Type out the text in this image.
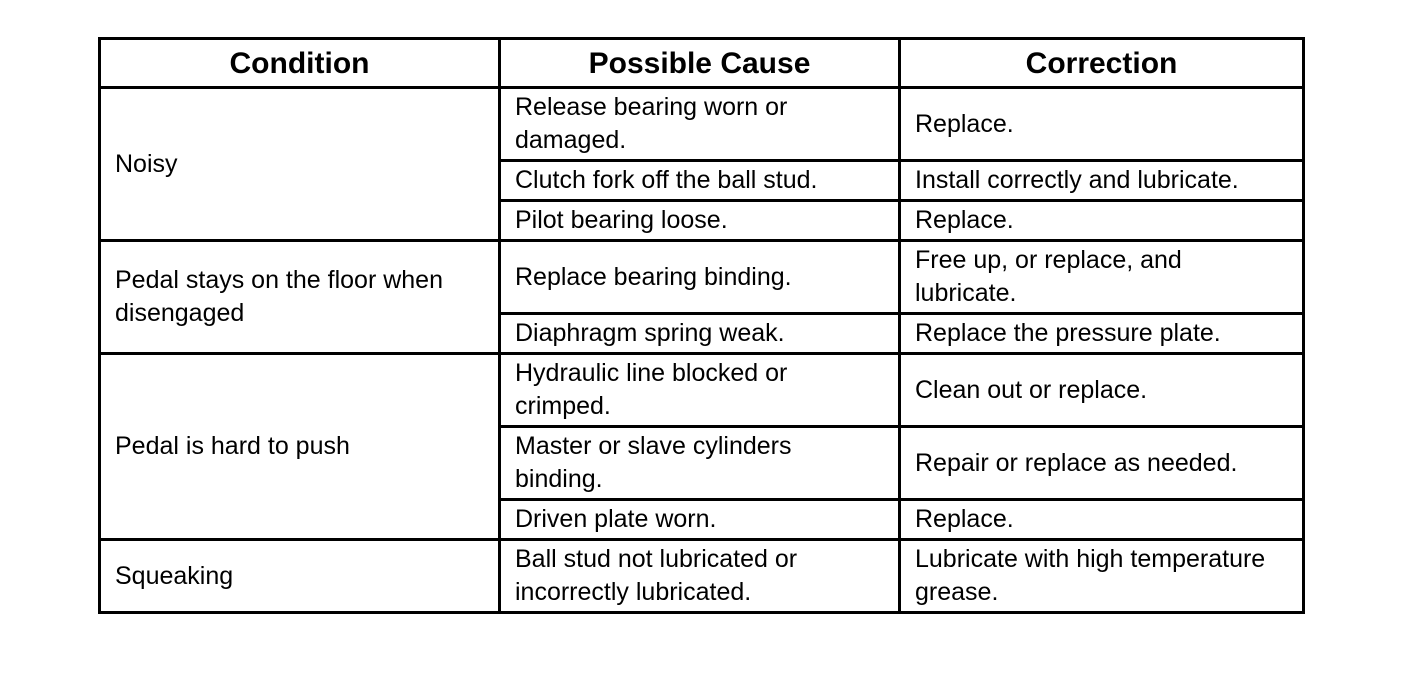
Condition	Possible Cause	Correction
Noisy	Release bearing worn or damaged.	Replace.
	Clutch fork off the ball stud.	Install correctly and lubricate.
	Pilot bearing loose.	Replace.
Pedal stays on the floor when disengaged	Replace bearing binding.	Free up, or replace, and lubricate.
	Diaphragm spring weak.	Replace the pressure plate.
Pedal is hard to push	Hydraulic line blocked or crimped.	Clean out or replace.
	Master or slave cylinders binding.	Repair or replace as needed.
	Driven plate worn.	Replace.
Squeaking	Ball stud not lubricated or incorrectly lubricated.	Lubricate with high temperature grease.
